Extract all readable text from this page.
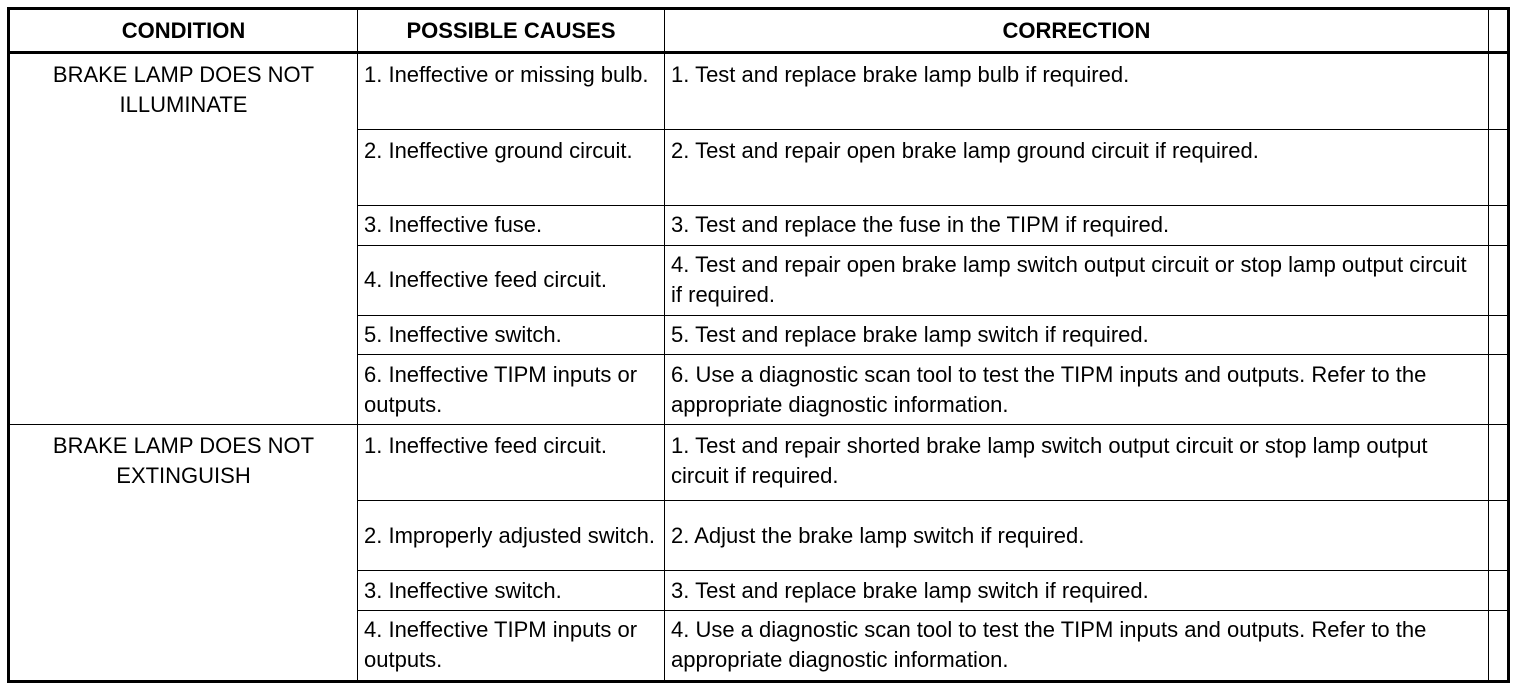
CONDITION	POSSIBLE CAUSES	CORRECTION	
BRAKE LAMP DOES NOT ILLUMINATE	1. Ineffective or missing bulb.	1. Test and replace brake lamp bulb if required.	
	2. Ineffective ground circuit.	2. Test and repair open brake lamp ground circuit if required.	
	3. Ineffective fuse.	3. Test and replace the fuse in the TIPM if required.	
	4. Ineffective feed circuit.	4. Test and repair open brake lamp switch output circuit or stop lamp output circuit if required.	
	5. Ineffective switch.	5. Test and replace brake lamp switch if required.	
	6. Ineffective TIPM inputs or outputs.	6. Use a diagnostic scan tool to test the TIPM inputs and outputs. Refer to the appropriate diagnostic information.	
BRAKE LAMP DOES NOT EXTINGUISH	1. Ineffective feed circuit.	1. Test and repair shorted brake lamp switch output circuit or stop lamp output circuit if required.	
	2. Improperly adjusted switch.	2. Adjust the brake lamp switch if required.	
	3. Ineffective switch.	3. Test and replace brake lamp switch if required.	
	4. Ineffective TIPM inputs or outputs.	4. Use a diagnostic scan tool to test the TIPM inputs and outputs. Refer to the appropriate diagnostic information.	
